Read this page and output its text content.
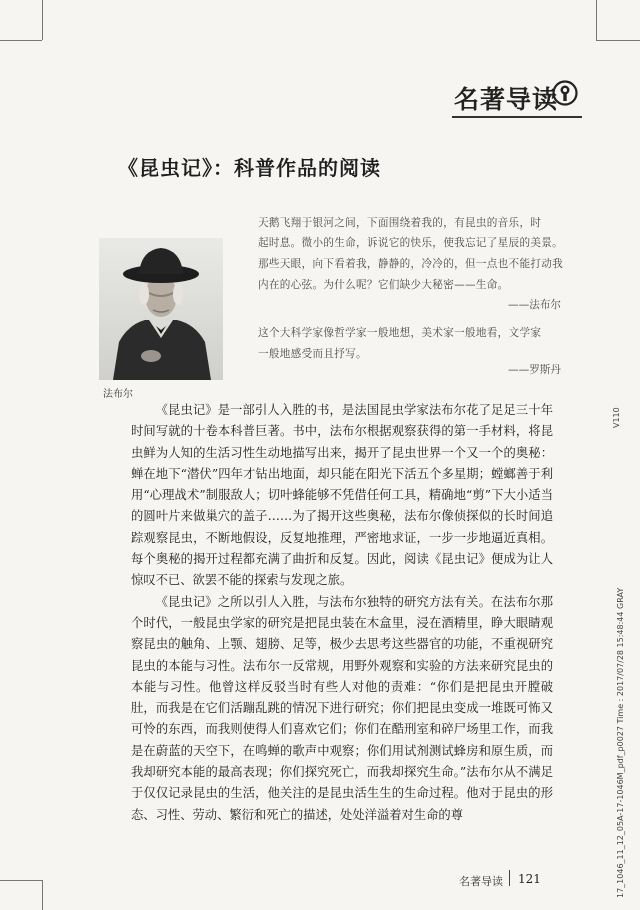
名著导读
《昆虫记》：科普作品的阅读
法布尔
天鹅飞翔于银河之间，下面围绕着我的，有昆虫的音乐，时
起时息。微小的生命，诉说它的快乐，使我忘记了星辰的美景。
那些天眼，向下看着我，静静的，冷冷的，但一点也不能打动我
内在的心弦。为什么呢？它们缺少大秘密——生命。
——法布尔
这个大科学家像哲学家一般地想，美术家一般地看，文学家
一般地感受而且抒写。
——罗斯丹

《昆虫记》是一部引人入胜的书，是法国昆虫学家法布尔花了足足三十年时间写就的十卷本科普巨著。书中，法布尔根据观察获得的第一手材料，将昆虫鲜为人知的生活习性生动地描写出来，揭开了昆虫世界一个又一个的奥秘：蝉在地下“潜伏”四年才钻出地面，却只能在阳光下活五个多星期；螳螂善于利用“心理战术”制服敌人；切叶蜂能够不凭借任何工具，精确地“剪”下大小适当的圆叶片来做巢穴的盖子……为了揭开这些奥秘，法布尔像侦探似的长时间追踪观察昆虫，不断地假设，反复地推理，严密地求证，一步一步地逼近真相。每个奥秘的揭开过程都充满了曲折和反复。因此，阅读《昆虫记》便成为让人惊叹不已、欲罢不能的探索与发现之旅。

《昆虫记》之所以引人入胜，与法布尔独特的研究方法有关。在法布尔那个时代，一般昆虫学家的研究是把昆虫装在木盒里，浸在酒精里，睁大眼睛观察昆虫的触角、上颚、翅膀、足等，极少去思考这些器官的功能，不重视研究昆虫的本能与习性。法布尔一反常规，用野外观察和实验的方法来研究昆虫的本能与习性。他曾这样反驳当时有些人对他的责难：“你们是把昆虫开膛破肚，而我是在它们活蹦乱跳的情况下进行研究；你们把昆虫变成一堆既可怖又可怜的东西，而我则使得人们喜欢它们；你们在酷刑室和碎尸场里工作，而我是在蔚蓝的天空下，在鸣蝉的歌声中观察；你们用试剂测试蜂房和原生质，而我却研究本能的最高表现；你们探究死亡，而我却探究生命。”法布尔从不满足于仅仅记录昆虫的生活，他关注的是昆虫活生生的生命过程。他对于昆虫的形态、习性、劳动、繁衍和死亡的描述，处处洋溢着对生命的尊

名著导读 121
V110
17_1046_11_12_05A-17-1046M_pdf_p0027 Time : 2017/07/28 15:48:44 GRAY
